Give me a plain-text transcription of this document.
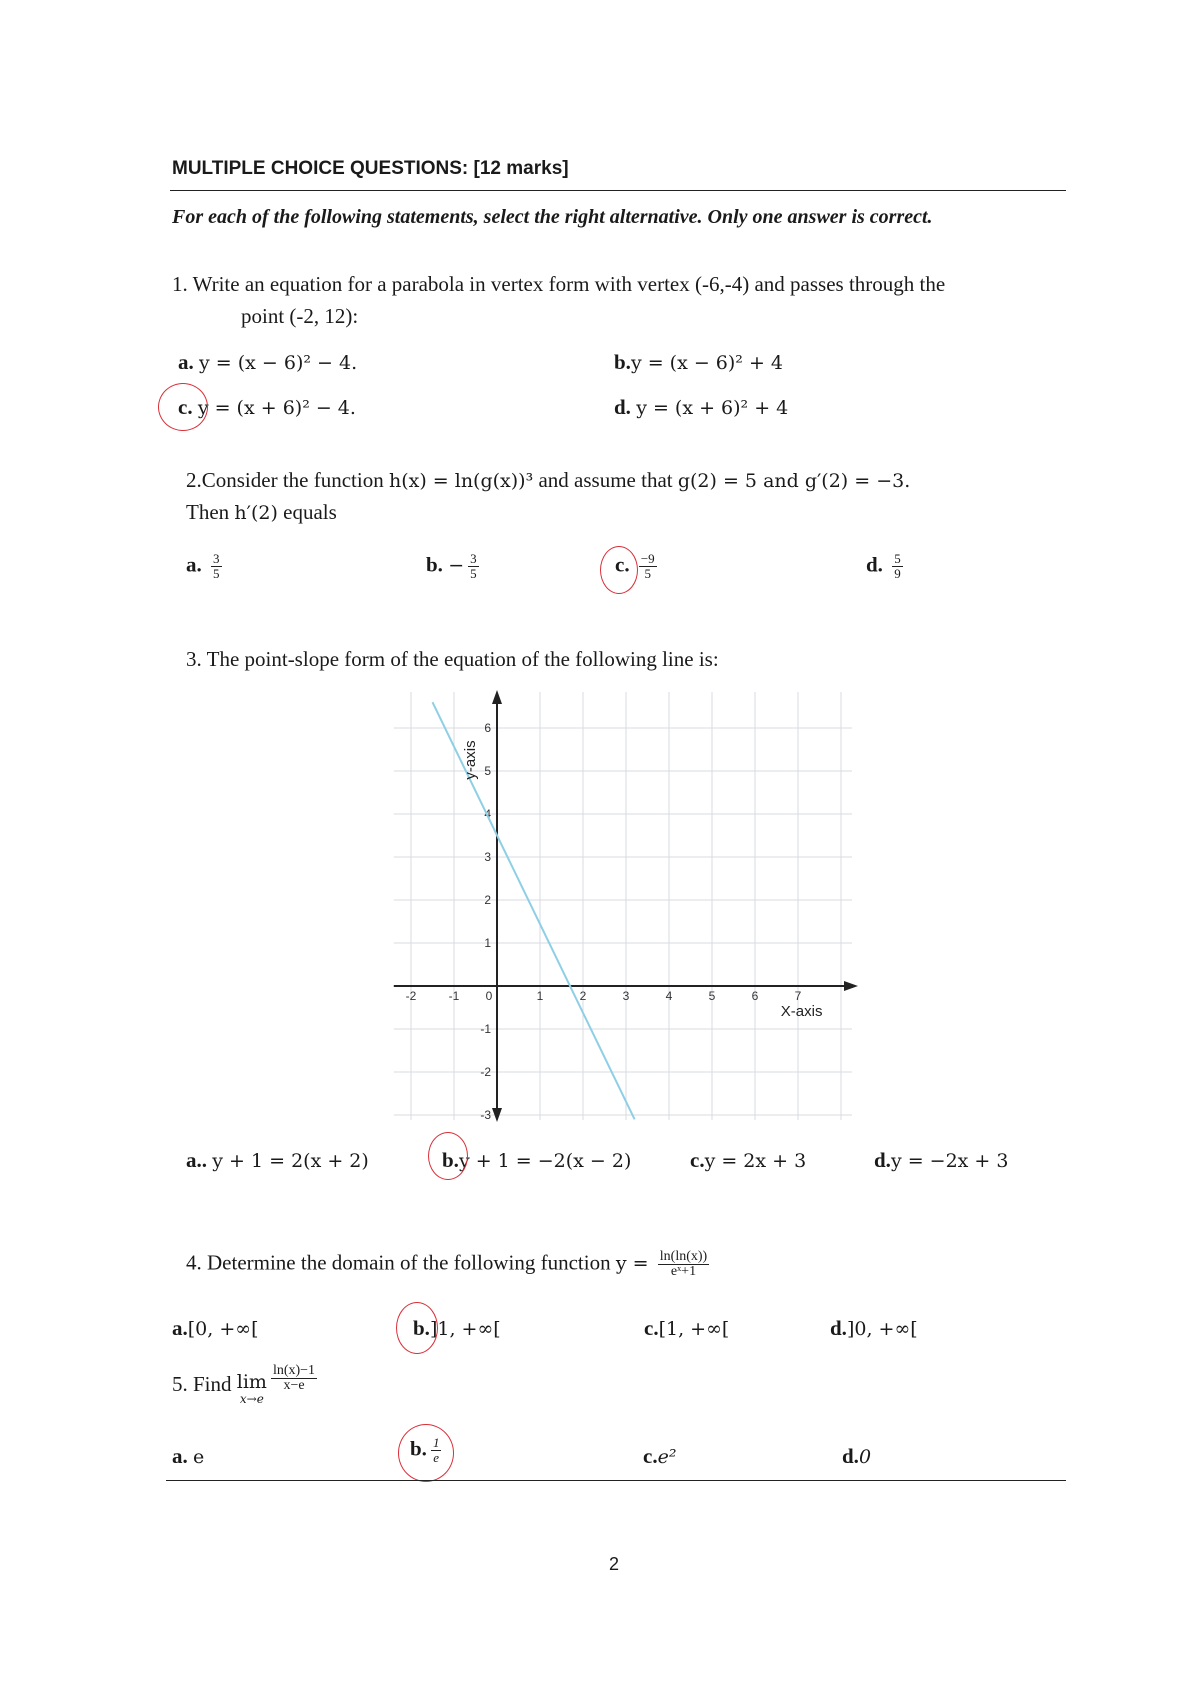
MULTIPLE CHOICE QUESTIONS: [12 marks]
For each of the following statements, select the right alternative. Only one answer is correct.
1. Write an equation for a parabola in vertex form with vertex (-6,-4) and passes through the
point (-2, 12):
a. y = (x − 6)² − 4.	b.y = (x − 6)² + 4
c. y = (x + 6)² − 4.	d. y = (x + 6)² + 4
2.Consider the function h(x) = ln(g(x))³ and assume that g(2) = 5 and g′(2) = −3.
Then h′(2) equals
a. $\frac{3}{5}$	b. − $\frac{3}{5}$	c. $\frac{-9}{5}$	d. $\frac{5}{9}$
3. The point-slope form of the equation of the following line is:
-2	-1 0	1	2	3	4	5	6	7
-3
-2
-1
1
2
3
4
5
6
X-axis
y-axis
a.. y + 1 = 2(x + 2)	b.y + 1 = −2(x − 2)	c.y = 2x + 3	d.y = −2x + 3
4. Determine the domain of the following function $y = \frac{\ln(\ln(x))}{\text{eˣ+1}}$
a.[0, +∞[	b.]1, +∞[	c.[1, +∞[	d.]0, +∞[
5. Find lim
x→e
$\frac{\ln(x)-1}{x-e}$
a. e	b. $\frac{1}{e}$	c.e²	d.0
2
